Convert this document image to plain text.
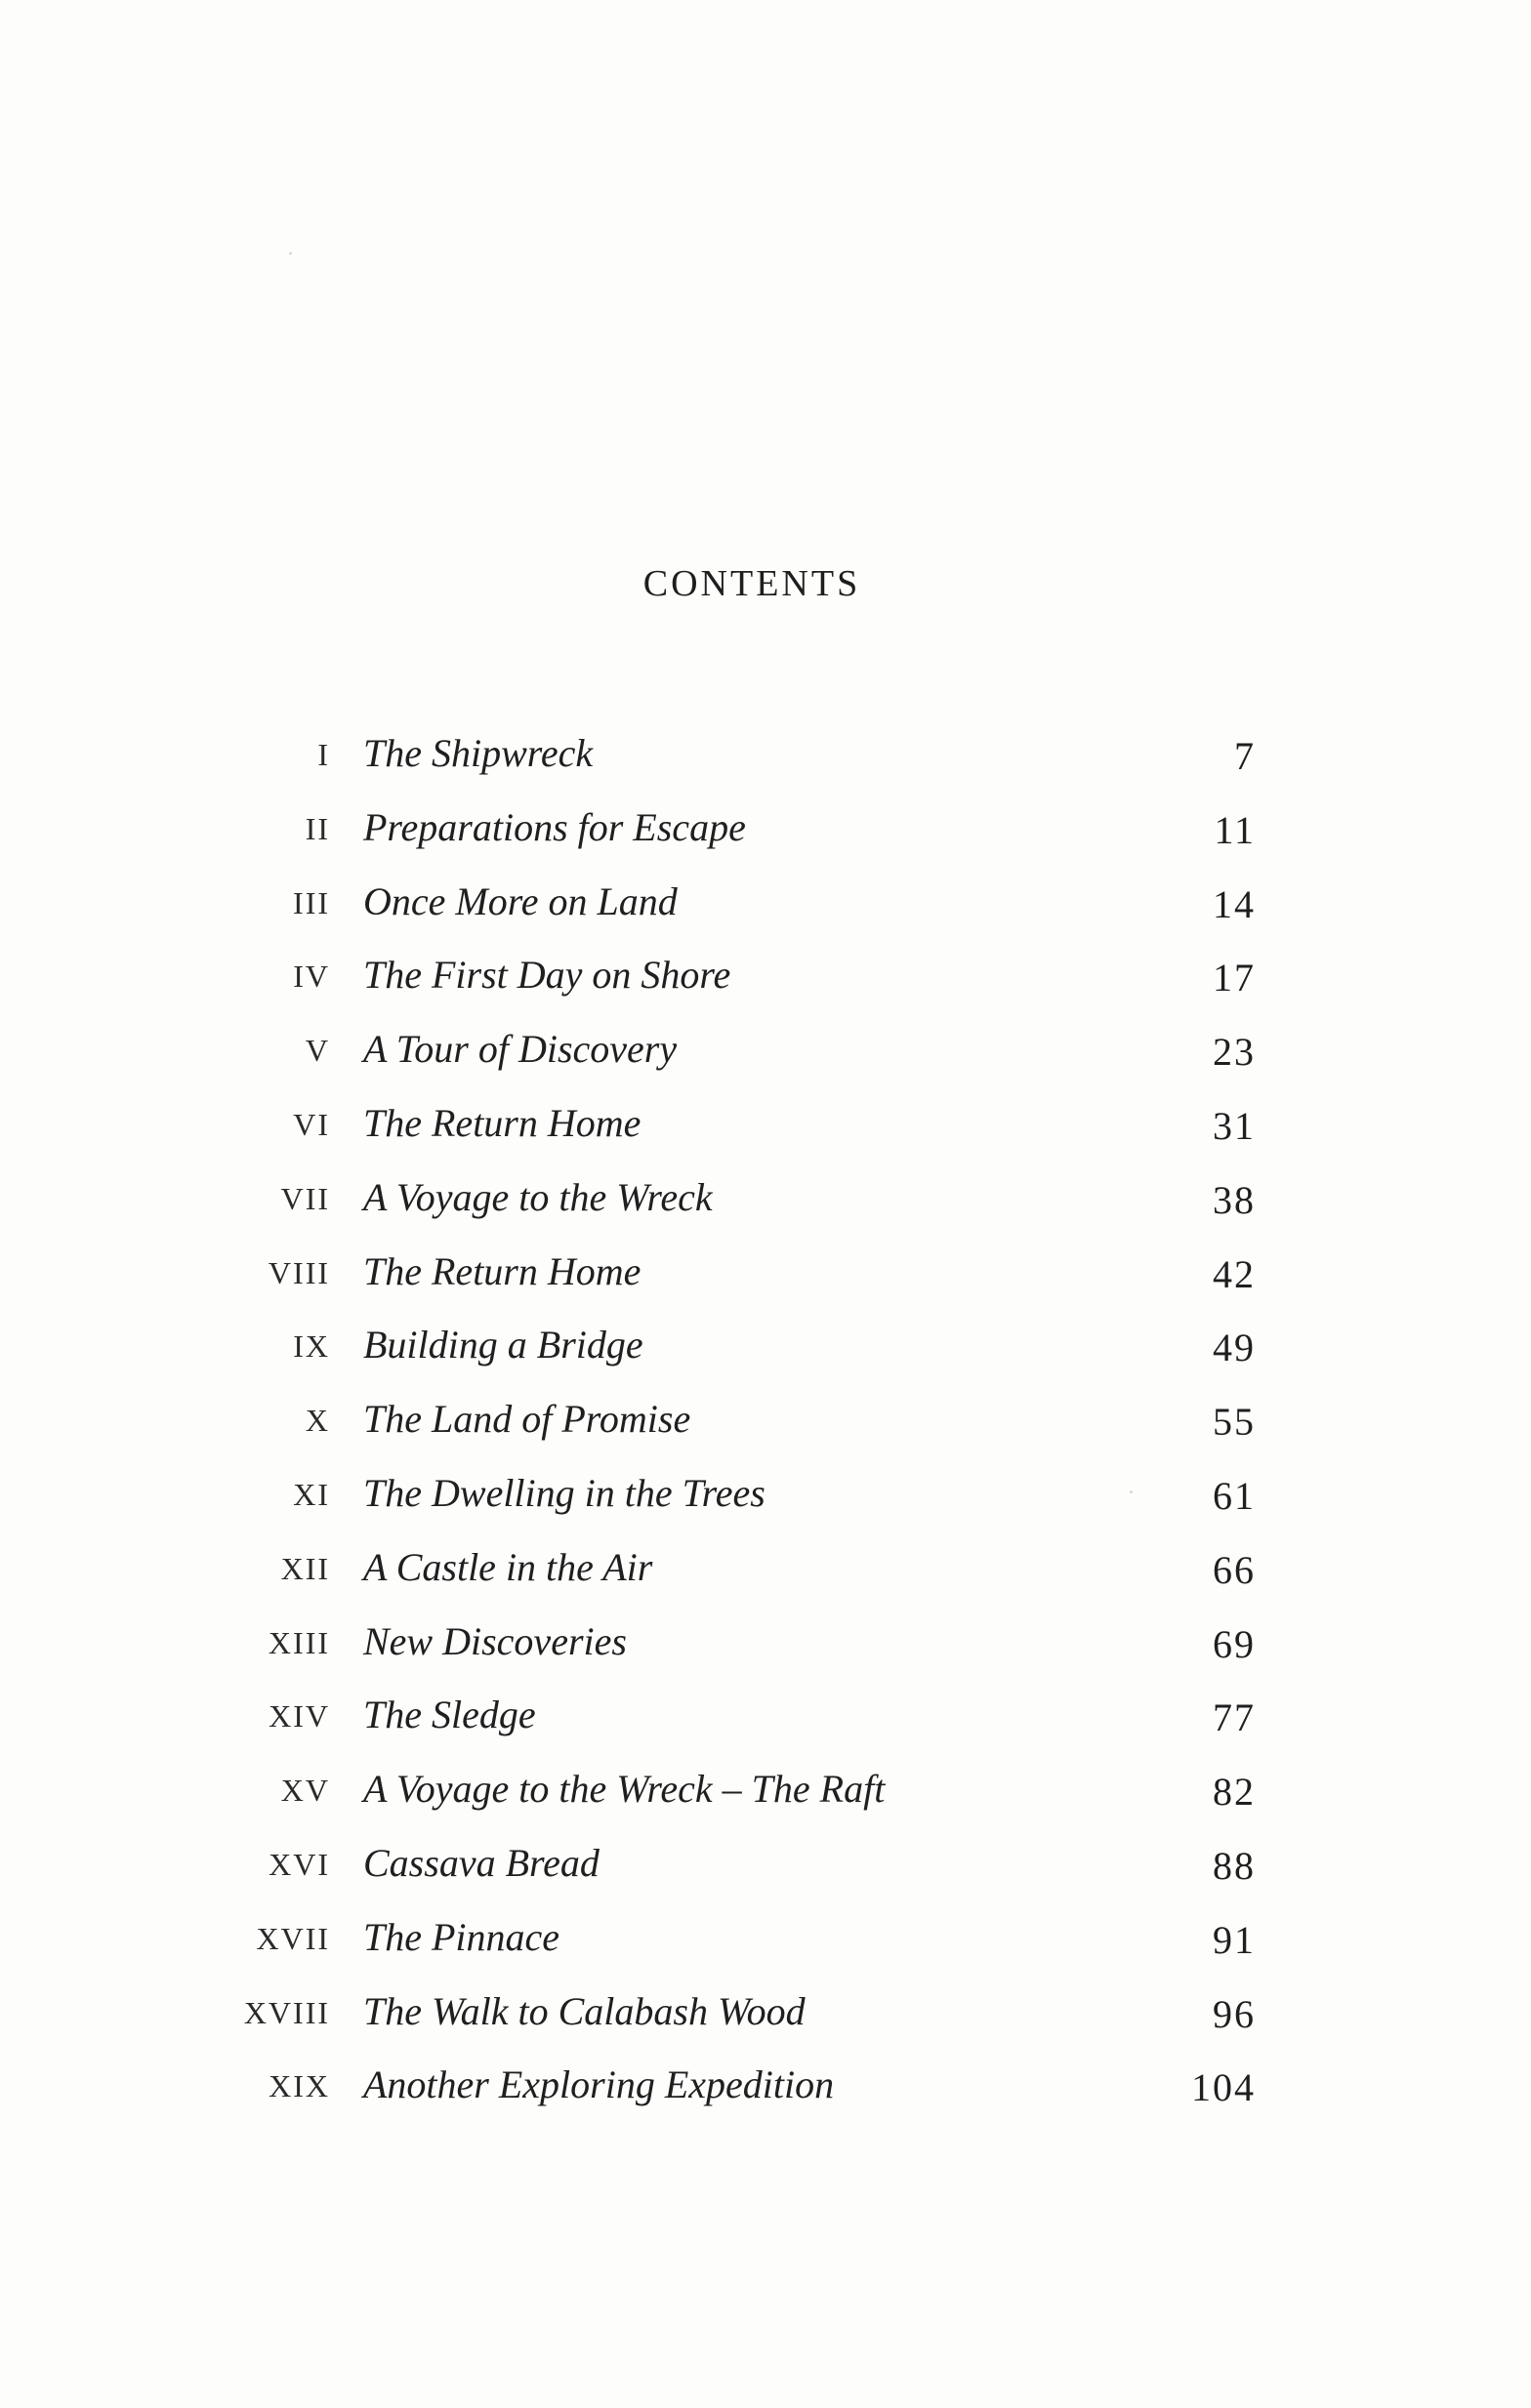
CONTENTS
I The Shipwreck	7
II Preparations for Escape	11
III Once More on Land	14
IV The First Day on Shore	17
V A Tour of Discovery	23
VI The Return Home	31
VII A Voyage to the Wreck	38
VIII The Return Home	42
IX Building a Bridge	49
X The Land of Promise	55
XI The Dwelling in the Trees	61
XII A Castle in the Air	66
XIII New Discoveries	69
XIV The Sledge	77
XV A Voyage to the Wreck – The Raft	82
XVI Cassava Bread	88
XVII The Pinnace	91
XVIII The Walk to Calabash Wood	96
XIX Another Exploring Expedition	104
